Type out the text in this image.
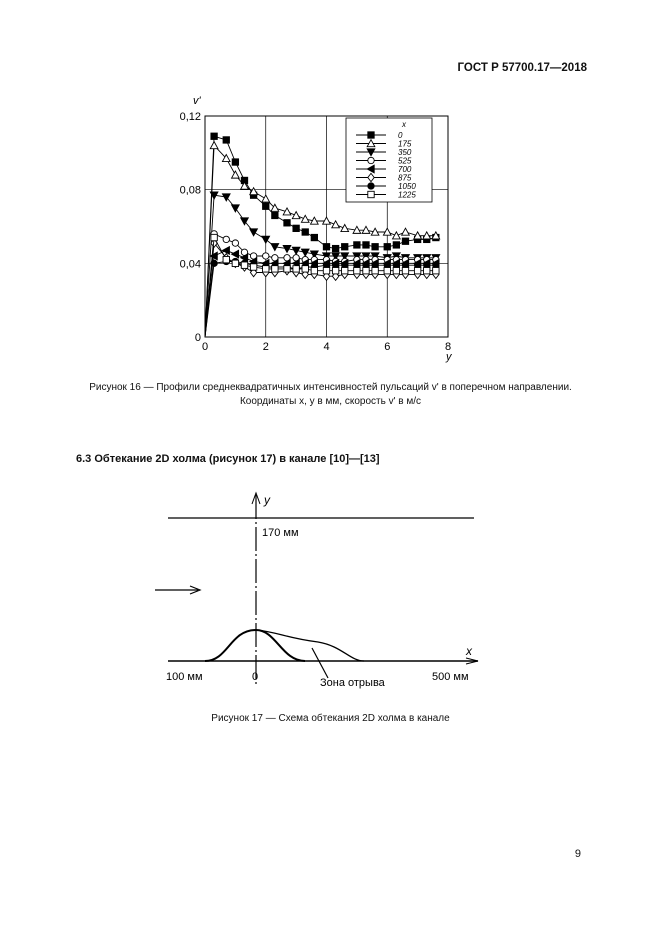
ГОСТ Р 57700.17—2018
0	2	4	6	8
0
0,04
0,08
0,12
v'
y
x
0
175
350
525
700
875
1050
1225
Рисунок 16 — Профили среднеквадратичных интенсивностей пульсаций v' в поперечном направлении.
Координаты x, y в мм, скорость v' в м/с
6.3 Обтекание 2D холма (рисунок 17) в канале [10]—[13]
y
170 мм
x
100 мм	0	500 мм
Зона отрыва
Рисунок 17 — Схема обтекания 2D холма в канале
9
